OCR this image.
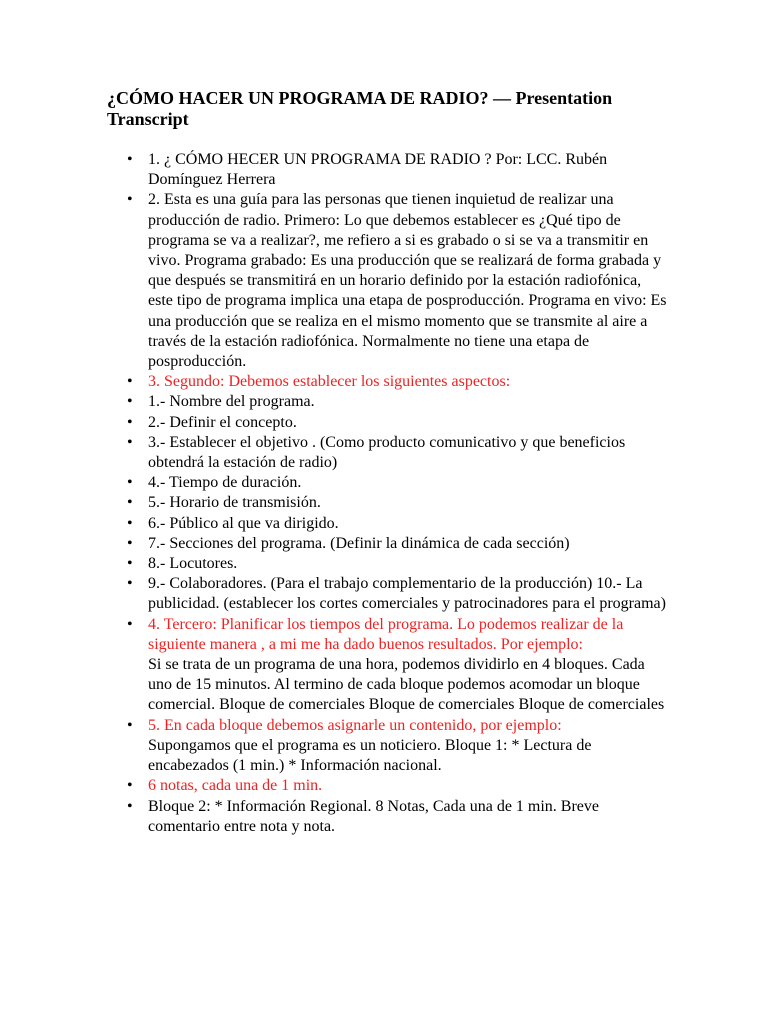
¿CÓMO HACER UN PROGRAMA DE RADIO? — Presentation Transcript
• 1. ¿ CÓMO HECER UN PROGRAMA DE RADIO ? Por: LCC. Rubén Domínguez Herrera
• 2. Esta es una guía para las personas que tienen inquietud de realizar una producción de radio. Primero: Lo que debemos establecer es ¿Qué tipo de programa se va a realizar?, me refiero a si es grabado o si se va a transmitir en vivo. Programa grabado: Es una producción que se realizará de forma grabada y que después se transmitirá en un horario definido por la estación radiofónica, este tipo de programa implica una etapa de posproducción. Programa en vivo: Es una producción que se realiza en el mismo momento que se transmite al aire a través de la estación radiofónica. Normalmente no tiene una etapa de posproducción.
• 3. Segundo: Debemos establecer los siguientes aspectos:
• 1.- Nombre del programa.
• 2.- Definir el concepto.
• 3.- Establecer el objetivo . (Como producto comunicativo y que beneficios obtendrá la estación de radio)
• 4.- Tiempo de duración.
• 5.- Horario de transmisión.
• 6.- Público al que va dirigido.
• 7.- Secciones del programa. (Definir la dinámica de cada sección)
• 8.- Locutores.
• 9.- Colaboradores. (Para el trabajo complementario de la producción) 10.- La publicidad. (establecer los cortes comerciales y patrocinadores para el programa)
• 4. Tercero: Planificar los tiempos del programa. Lo podemos realizar de la siguiente manera , a mi me ha dado buenos resultados. Por ejemplo:
Si se trata de un programa de una hora, podemos dividirlo en 4 bloques. Cada uno de 15 minutos. Al termino de cada bloque podemos acomodar un bloque comercial. Bloque de comerciales Bloque de comerciales Bloque de comerciales
• 5. En cada bloque debemos asignarle un contenido, por ejemplo:
Supongamos que el programa es un noticiero. Bloque 1: * Lectura de encabezados (1 min.) * Información nacional.
• 6 notas, cada una de 1 min.
• Bloque 2: * Información Regional. 8 Notas, Cada una de 1 min. Breve comentario entre nota y nota.
